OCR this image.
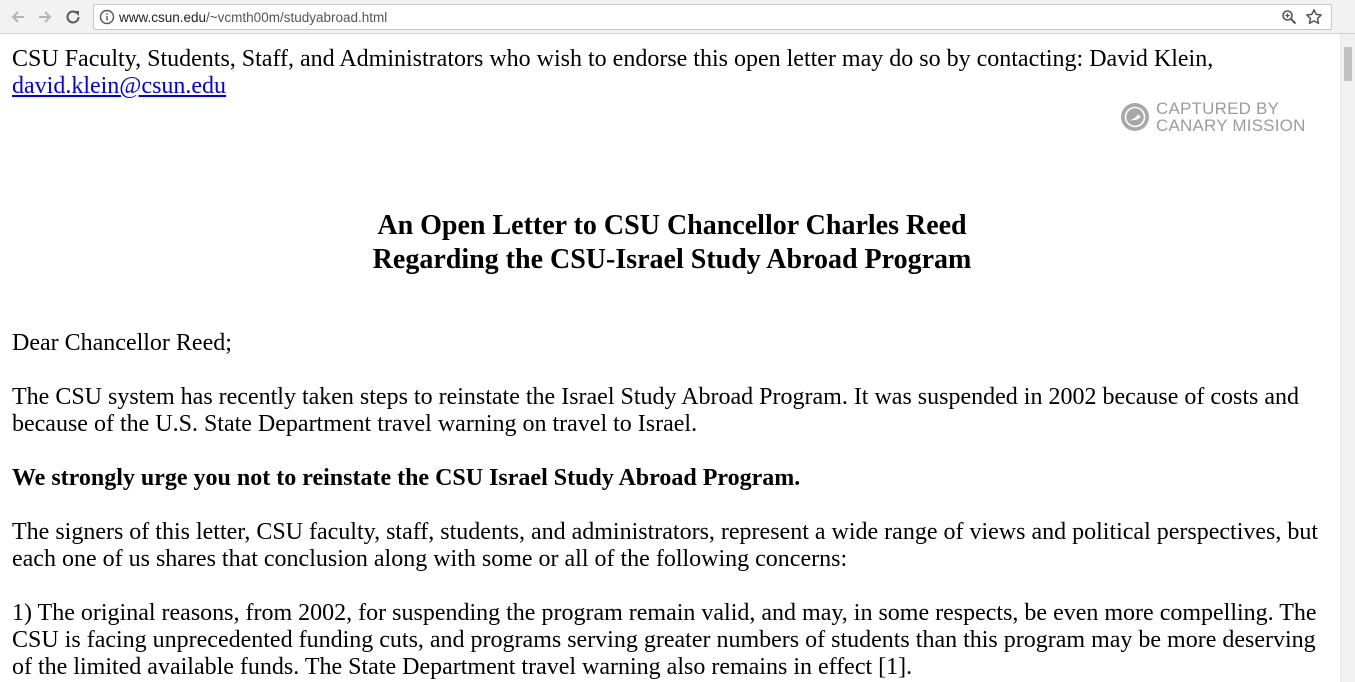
www.csun.edu/~vcmth00m/studyabroad.html

CSU Faculty, Students, Staff, and Administrators who wish to endorse this open letter may do so by contacting: David Klein,
david.klein@csun.edu

CAPTURED BY
CANARY MISSION
An Open Letter to CSU Chancellor Charles Reed
Regarding the CSU-Israel Study Abroad Program

Dear Chancellor Reed;

The CSU system has recently taken steps to reinstate the Israel Study Abroad Program. It was suspended in 2002 because of costs and because of the U.S. State Department travel warning on travel to Israel.

We strongly urge you not to reinstate the CSU Israel Study Abroad Program.

The signers of this letter, CSU faculty, staff, students, and administrators, represent a wide range of views and political perspectives, but each one of us shares that conclusion along with some or all of the following concerns:

1) The original reasons, from 2002, for suspending the program remain valid, and may, in some respects, be even more compelling. The CSU is facing unprecedented funding cuts, and programs serving greater numbers of students than this program may be more deserving of the limited available funds. The State Department travel warning also remains in effect [1].
